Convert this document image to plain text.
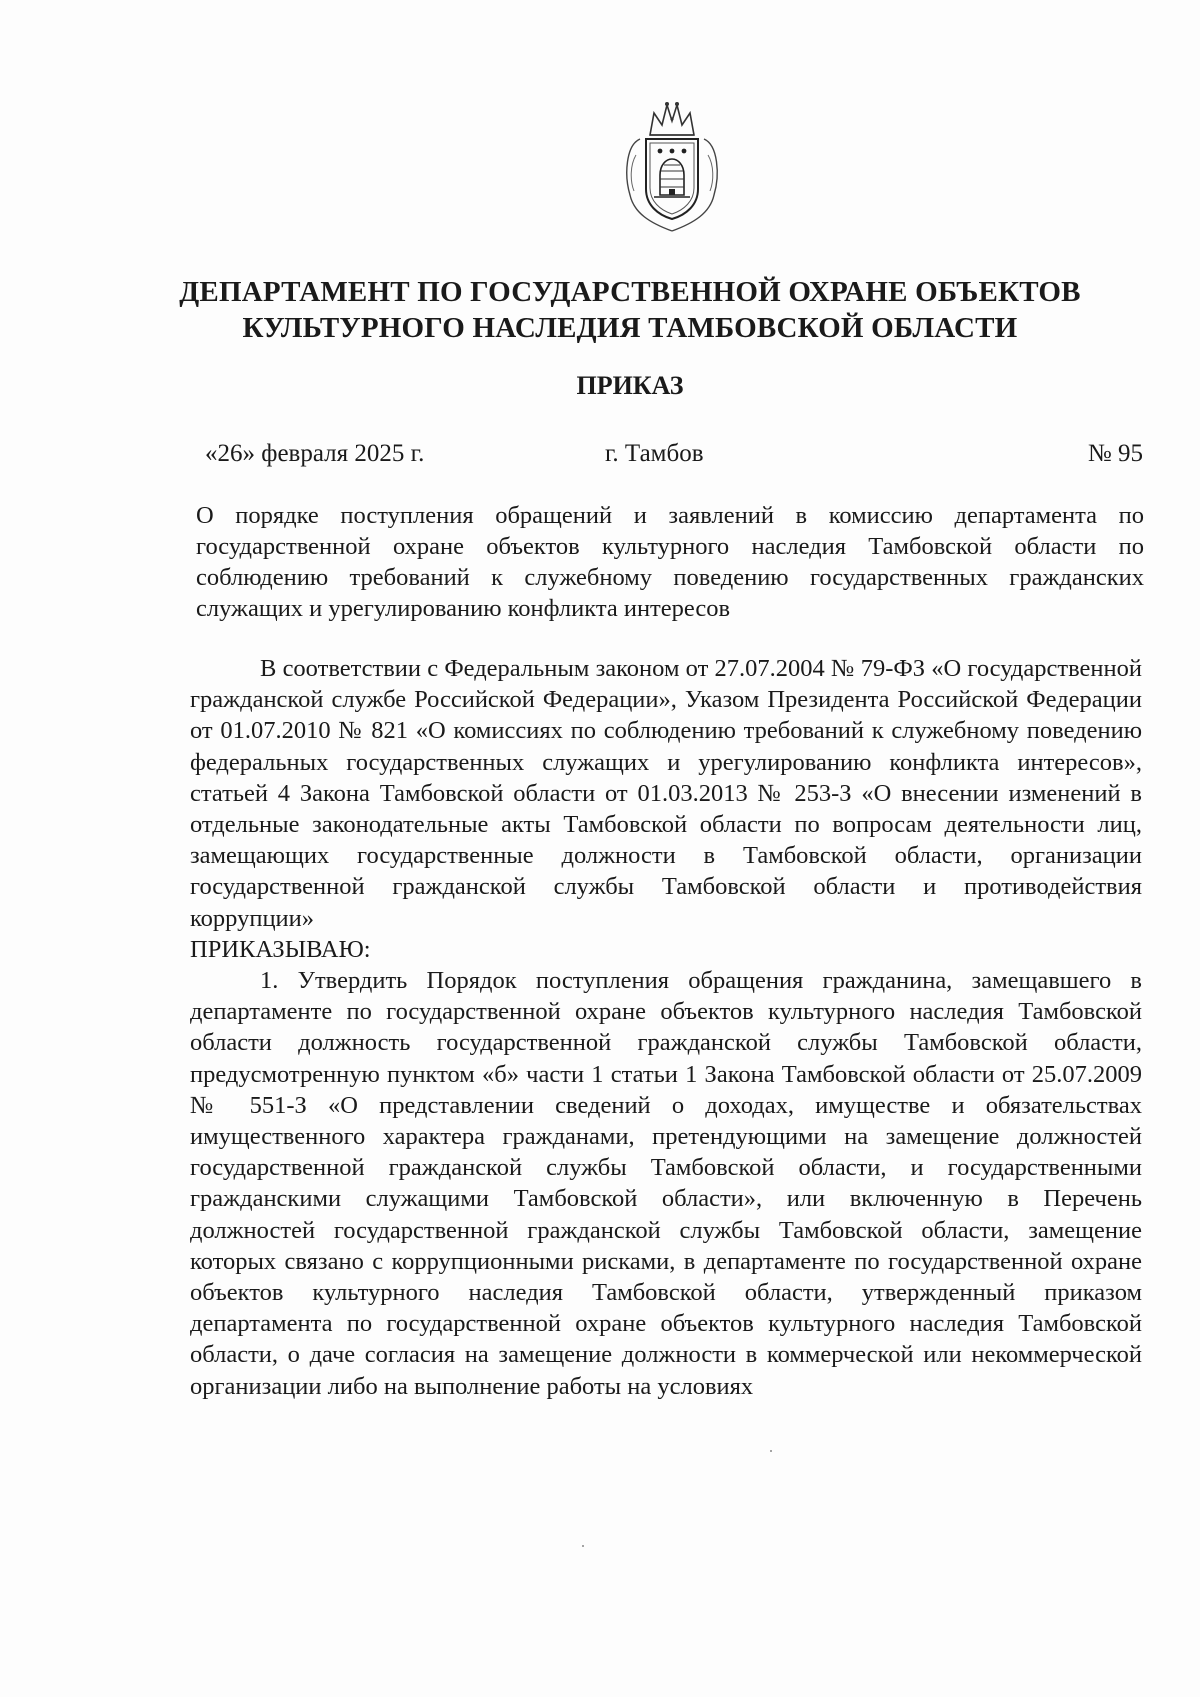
ДЕПАРТАМЕНТ ПО ГОСУДАРСТВЕННОЙ ОХРАНЕ ОБЪЕКТОВ
КУЛЬТУРНОГО НАСЛЕДИЯ ТАМБОВСКОЙ ОБЛАСТИ
ПРИКАЗ
«26» февраля 2025 г.	г. Тамбов	№ 95
О порядке поступления обращений и заявлений в комиссию департамента по государственной охране объектов культурного наследия Тамбовской области по соблюдению требований к служебному поведению государственных гражданских служащих и урегулированию конфликта интересов

В соответствии с Федеральным законом от 27.07.2004 № 79-ФЗ «О государственной гражданской службе Российской Федерации», Указом Президента Российской Федерации от 01.07.2010 № 821 «О комиссиях по соблюдению требований к служебному поведению федеральных государственных служащих и урегулированию конфликта интересов», статьей 4 Закона Тамбовской области от 01.03.2013 № 253-З «О внесении изменений в отдельные законодательные акты Тамбовской области по вопросам деятельности лиц, замещающих государственные должности в Тамбовской области, организации государственной гражданской службы Тамбовской области и противодействия коррупции»

ПРИКАЗЫВАЮ:

1. Утвердить Порядок поступления обращения гражданина, замещавшего в департаменте по государственной охране объектов культурного наследия Тамбовской области должность государственной гражданской службы Тамбовской области, предусмотренную пунктом «б» части 1 статьи 1 Закона Тамбовской области от 25.07.2009 № 551-З «О представлении сведений о доходах, имуществе и обязательствах имущественного характера гражданами, претендующими на замещение должностей государственной гражданской службы Тамбовской области, и государственными гражданскими служащими Тамбовской области», или включенную в Перечень должностей государственной гражданской службы Тамбовской области, замещение которых связано с коррупционными рисками, в департаменте по государственной охране объектов культурного наследия Тамбовской области, утвержденный приказом департамента по государственной охране объектов культурного наследия Тамбовской области, о даче согласия на замещение должности в коммерческой или некоммерческой организации либо на выполнение работы на условиях
